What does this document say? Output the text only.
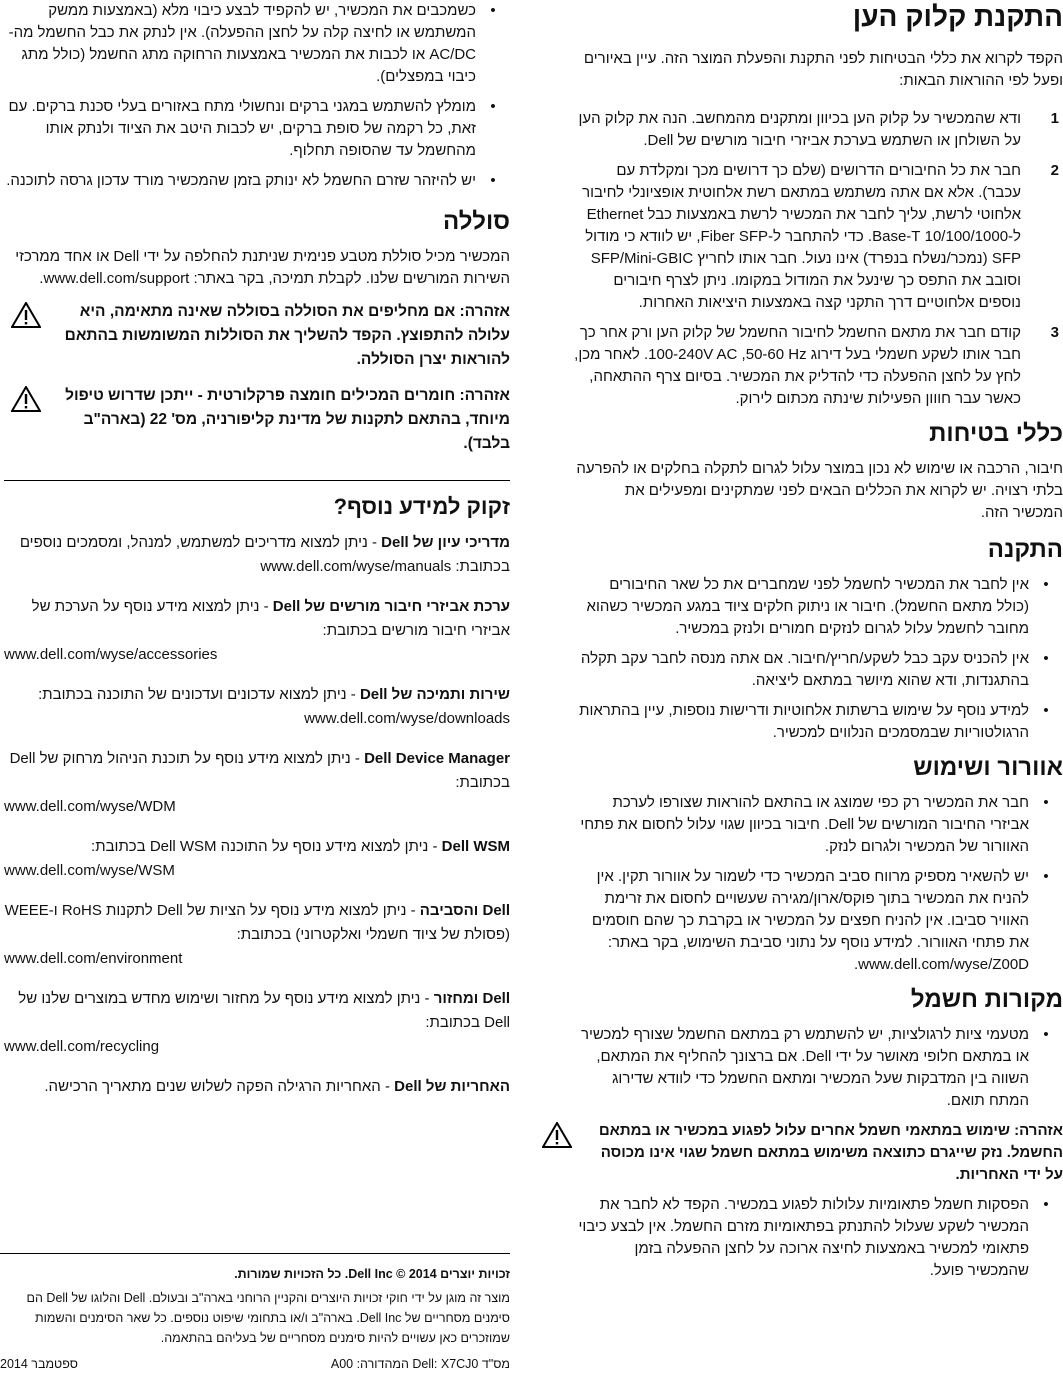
התקנת קלוק הען

הקפד לקרוא את כללי הבטיחות לפני התקנת והפעלת המוצר הזה. עיין באיורים ופעל לפי ההוראות הבאות:

1
ודא שהמכשיר על קלוק הען בכיוון ומתקנים מהמחשב. הנה את קלוק הען על השולחן או השתמש בערכת אביזרי חיבור מורשים של Dell.
2
חבר את כל החיבורים הדרושים (שלם כך דרושים מכך ומקלדת עם עכבר). אלא אם אתה משתמש במתאם רשת אלחוטית אופציונלי לחיבור אלחוטי לרשת, עליך לחבר את המכשיר לרשת באמצעות כבל Ethernet ל-10/100/1000 Base-T. כדי להתחבר ל-Fiber SFP, יש לוודא כי מודול SFP (נמכר/נשלח בנפרד) אינו נעול. חבר אותו לחריץ SFP/Mini-GBIC וסובב את התפס כך שינעל את המודול במקומו. ניתן לצרף חיבורים נוספים אלחוטיים דרך התקני קצה באמצעות היציאות האחרות.
3
קודם חבר את מתאם החשמל לחיבור החשמל של קלוק הען ורק אחר כך חבר אותו לשקע חשמלי בעל דירוג 100-240V AC ,50-60 Hz. לאחר מכן, לחץ על לחצן ההפעלה כדי להדליק את המכשיר. בסיום צרף ההתאחה, כאשר עבר חווון הפעילות שינתה מכתום לירוק.
כללי בטיחות

חיבור, הרכבה או שימוש לא נכון במוצר עלול לגרום לתקלה בחלקים או להפרעה בלתי רצויה. יש לקרוא את הכללים הבאים לפני שמתקינים ומפעילים את המכשיר הזה.

התקנה
•
אין לחבר את המכשיר לחשמל לפני שמחברים את כל שאר החיבורים (כולל מתאם החשמל). חיבור או ניתוק חלקים ציוד במגע המכשיר כשהוא מחובר לחשמל עלול לגרום לנזקים חמורים ולנזק במכשיר.
•
אין להכניס עקב כבל לשקע/חריץ/חיבור. אם אתה מנסה לחבר עקב תקלה בהתגנדות, ודא שהוא מיושר במתאם ליציאה.
•
למידע נוסף על שימוש ברשתות אלחוטיות ודרישות נוספות, עיין בהתראות הרגולטוריות שבמסמכים הנלווים למכשיר.
אוורור ושימוש
•
חבר את המכשיר רק כפי שמוצג או בהתאם להוראות שצורפו לערכת אביזרי החיבור המורשים של Dell. חיבור בכיוון שגוי עלול לחסום את פתחי האוורור של המכשיר ולגרום לנזק.
•
יש להשאיר מספיק מרווח סביב המכשיר כדי לשמור על אוורור תקין. אין להניח את המכשיר בתוך פוקס/ארון/מגירה שעשויים לחסום את זרימת האוויר סביבו. אין להניח חפצים על המכשיר או בקרבת כך שהם חוסמים את פתחי האוורור. למידע נוסף על נתוני סביבת השימוש, בקר באתר: www.dell.com/wyse/Z00D.
מקורות חשמל
•
מטעמי ציות לרגולציות, יש להשתמש רק במתאם החשמל שצורף למכשיר או במתאם חלופי מאושר על ידי Dell. אם ברצונך להחליף את המתאם, השווה בין המדבקות שעל המכשיר ומתאם החשמל כדי לוודא שדירוג המתח תואם.
אזהרה: שימוש במתאמי חשמל אחרים עלול לפגוע במכשיר או במתאם החשמל. נזק שייגרם כתוצאה משימוש במתאם חשמל שגוי אינו מכוסה על ידי האחריות.
•
הפסקות חשמל פתאומיות עלולות לפגוע במכשיר. הקפד לא לחבר את המכשיר לשקע שעלול להתנתק בפתאומיות מזרם החשמל. אין לבצע כיבוי פתאומי למכשיר באמצעות לחיצה ארוכה על לחצן ההפעלה בזמן שהמכשיר פועל.
•
כשמכבים את המכשיר, יש להקפיד לבצע כיבוי מלא (באמצעות ממשק המשתמש או לחיצה קלה על לחצן ההפעלה). אין לנתק את כבל החשמל מה-AC/DC או לכבות את המכשיר באמצעות הרחוקה מתג החשמל (כולל מתג כיבוי במפצלים).
•
מומלץ להשתמש במגני ברקים ונחשולי מתח באזורים בעלי סכנת ברקים. עם זאת, כל רקמה של סופת ברקים, יש לכבות היטב את הציוד ולנתק אותו מהחשמל עד שהסופה תחלוף.
•
יש להיזהר שזרם החשמל לא ינותק בזמן שהמכשיר מורד עדכון גרסה לתוכנה.
סוללה

המכשיר מכיל סוללת מטבע פנימית שניתנת להחלפה על ידי Dell או אחד ממרכזי השירות המורשים שלנו. לקבלת תמיכה, בקר באתר: www.dell.com/support.

אזהרה: אם מחליפים את הסוללה בסוללה שאינה מתאימה, היא עלולה להתפוצץ. הקפד להשליך את הסוללות המשומשות בהתאם להוראות יצרן הסוללה.
אזהרה: חומרים המכילים חומצה פרקלורטית - ייתכן שדרוש טיפול מיוחד, בהתאם לתקנות של מדינת קליפורניה, מס' 22 (בארה"ב בלבד).
זקוק למידע נוסף?
מדריכי עיון של Dell - ניתן למצוא מדריכים למשתמש, למנהל, ומסמכים נוספים בכתובת: www.dell.com/wyse/manuals
ערכת אביזרי חיבור מורשים של Dell - ניתן למצוא מידע נוסף על הערכת של אביזרי חיבור מורשים בכתובת:
www.dell.com/wyse/accessories
שירות ותמיכה של Dell - ניתן למצוא עדכונים ועדכונים של התוכנה בכתובת: www.dell.com/wyse/downloads
Dell Device Manager - ניתן למצוא מידע נוסף על תוכנת הניהול מרחוק של Dell בכתובת:
www.dell.com/wyse/WDM
Dell WSM - ניתן למצוא מידע נוסף על התוכנה Dell WSM בכתובת:
www.dell.com/wyse/WSM
Dell והסביבה - ניתן למצוא מידע נוסף על הציות של Dell לתקנות RoHS ו-WEEE (פסולת של ציוד חשמלי ואלקטרוני) בכתובת:
www.dell.com/environment
Dell ומחזור - ניתן למצוא מידע נוסף על מחזור ושימוש מחדש במוצרים שלנו של Dell בכתובת:
www.dell.com/recycling
האחריות של Dell - האחריות הרגילה הפקה לשלוש שנים מתאריך הרכישה.

זכויות יוצרים Dell Inc © 2014. כל הזכויות שמורות.

מוצר זה מוגן על ידי חוקי זכויות היוצרים והקניין הרוחני בארה"ב ובעולם. Dell והלוגו של Dell הם סימנים מסחריים של Dell Inc. בארה"ב ו/או בתחומי שיפוט נוספים. כל שאר הסימנים והשמות שמוזכרים כאן עשויים להיות סימנים מסחריים של בעליהם בהתאמה.

מס"ד Dell: X7CJ0 המהדורה: A00
ספטמבר 2014
